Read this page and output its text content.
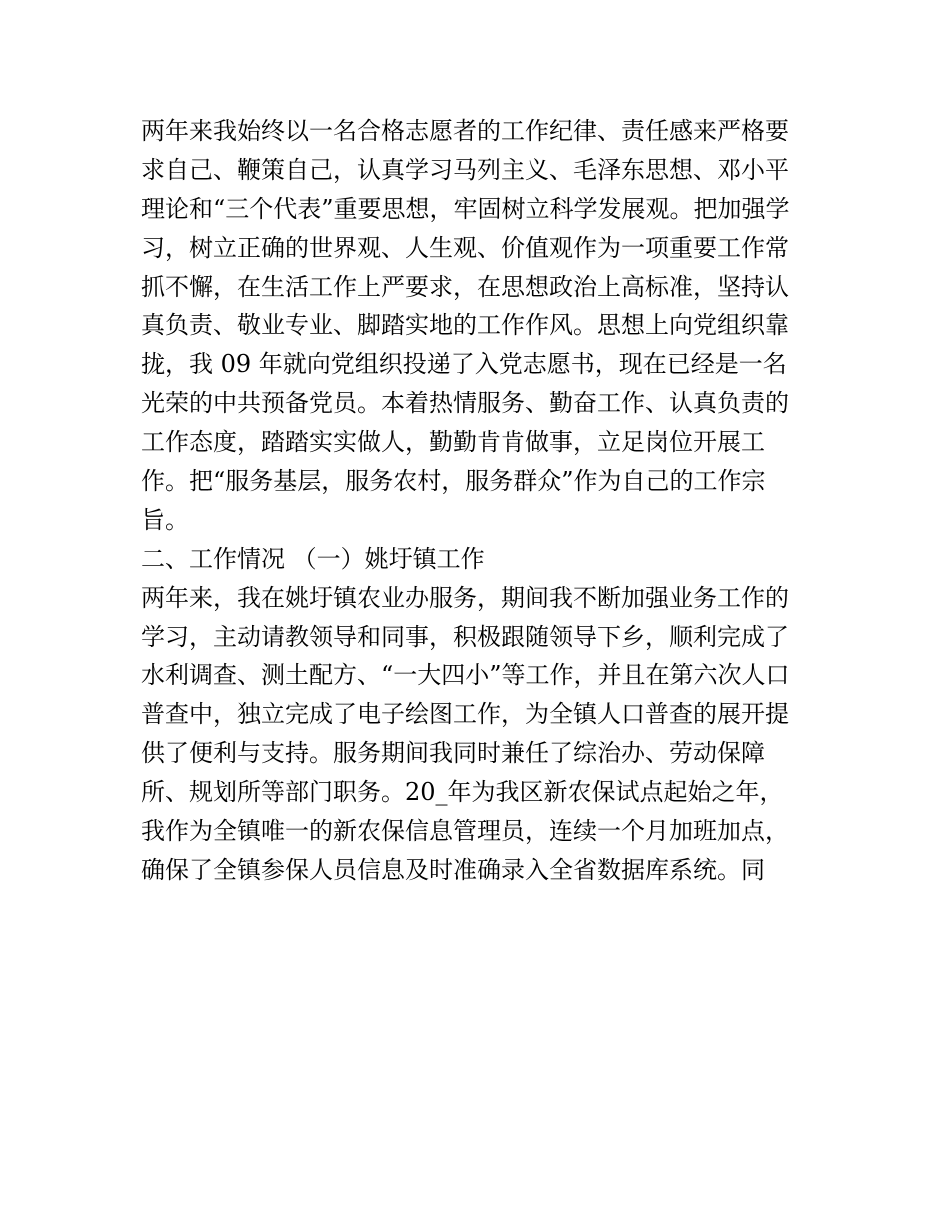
两年来我始终以一名合格志愿者的工作纪律、责任感来严格要
求自己、鞭策自己，认真学习马列主义、毛泽东思想、邓小平
理论和“三个代表”重要思想，牢固树立科学发展观。把加强学
习，树立正确的世界观、人生观、价值观作为一项重要工作常
抓不懈，在生活工作上严要求，在思想政治上高标准，坚持认
真负责、敬业专业、脚踏实地的工作作风。思想上向党组织靠
拢，我 09 年就向党组织投递了入党志愿书，现在已经是一名
光荣的中共预备党员。本着热情服务、勤奋工作、认真负责的
工作态度，踏踏实实做人，勤勤肯肯做事，立足岗位开展工
作。把“服务基层，服务农村，服务群众”作为自己的工作宗
旨。
二、工作情况 （一）姚圩镇工作
两年来，我在姚圩镇农业办服务，期间我不断加强业务工作的
学习，主动请教领导和同事，积极跟随领导下乡，顺利完成了
水利调查、测土配方、“一大四小”等工作，并且在第六次人口
普查中，独立完成了电子绘图工作，为全镇人口普查的展开提
供了便利与支持。服务期间我同时兼任了综治办、劳动保障
所、规划所等部门职务。20_年为我区新农保试点起始之年，
我作为全镇唯一的新农保信息管理员，连续一个月加班加点，
确保了全镇参保人员信息及时准确录入全省数据库系统。同
